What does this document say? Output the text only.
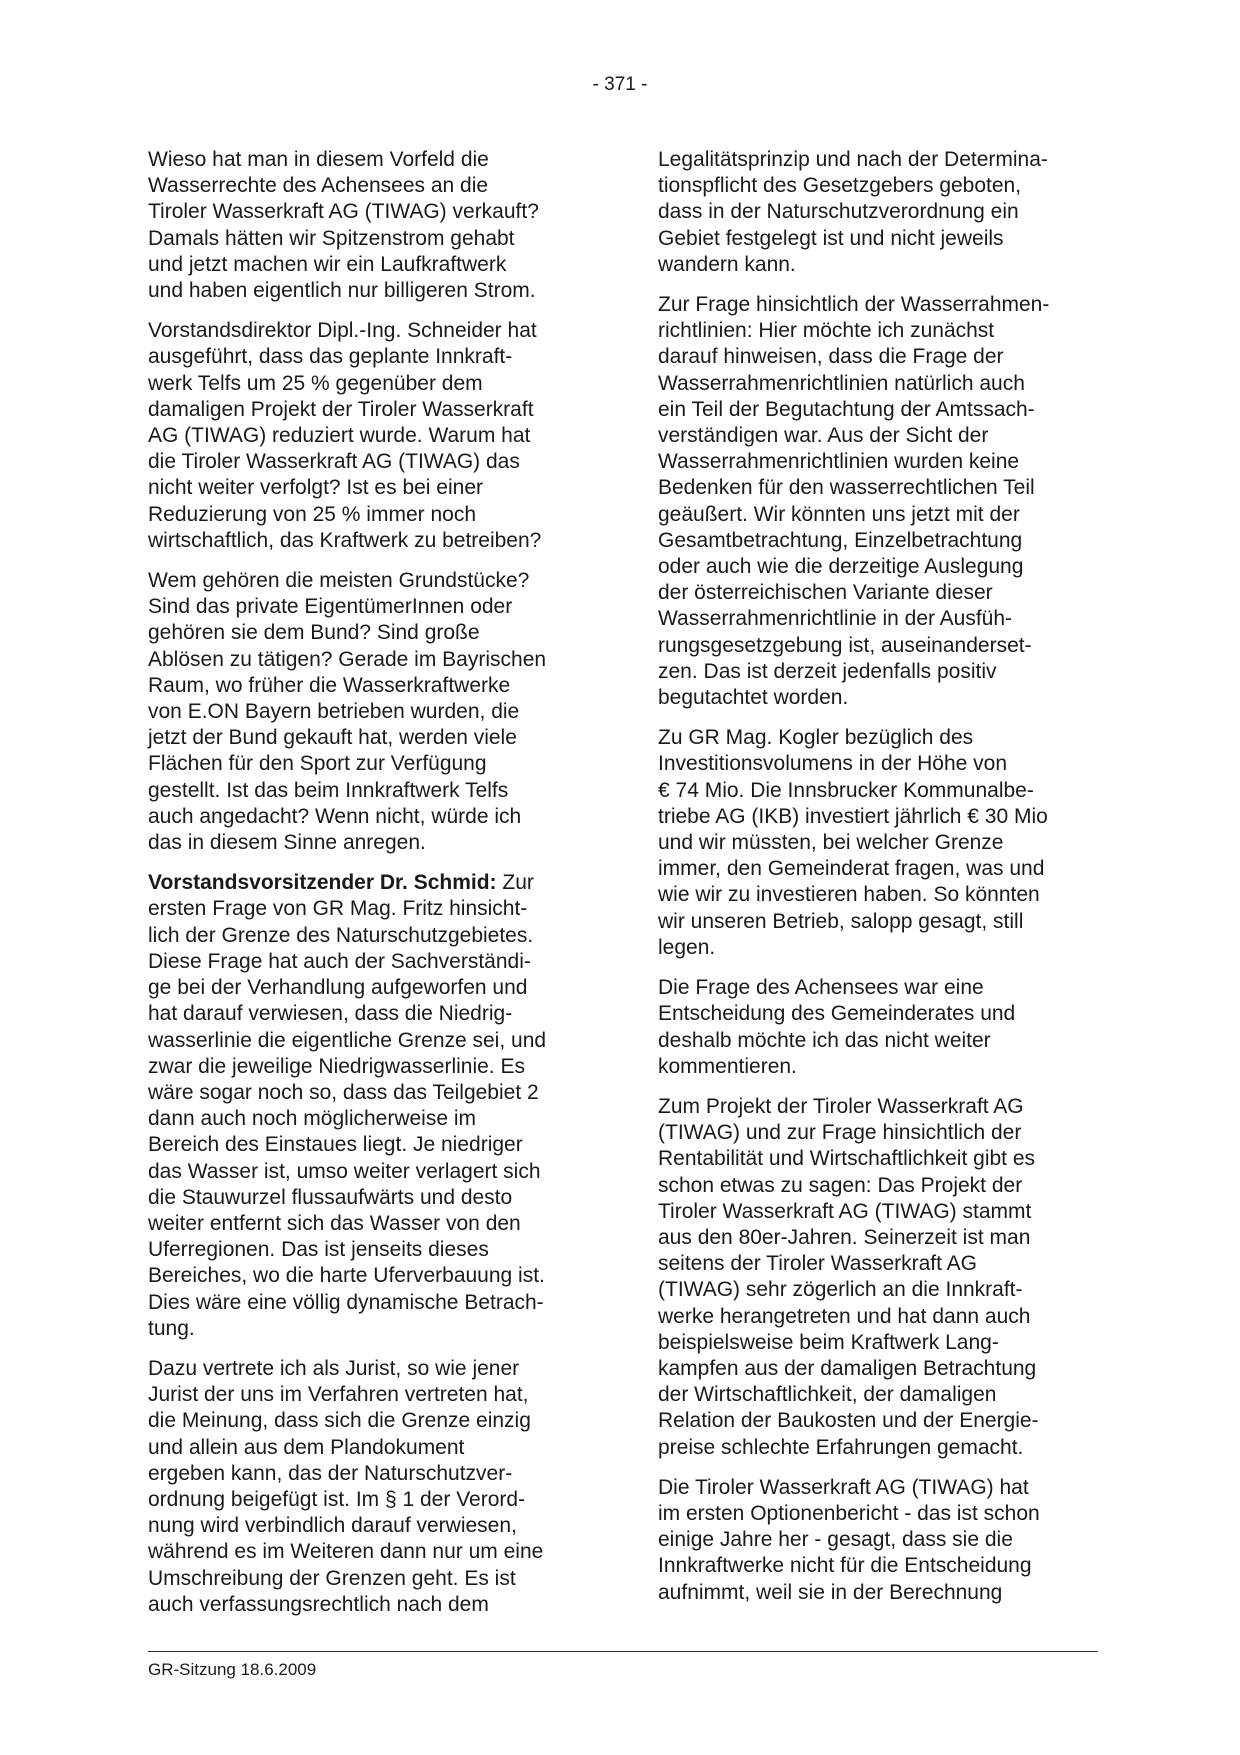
- 371 -

Wieso hat man in diesem Vorfeld die
Wasserrechte des Achensees an die
Tiroler Wasserkraft AG (TIWAG) verkauft?
Damals hätten wir Spitzenstrom gehabt
und jetzt machen wir ein Laufkraftwerk
und haben eigentlich nur billigeren Strom.

Vorstandsdirektor Dipl.-Ing. Schneider hat
ausgeführt, dass das geplante Innkraft-
werk Telfs um 25 % gegenüber dem
damaligen Projekt der Tiroler Wasserkraft
AG (TIWAG) reduziert wurde. Warum hat
die Tiroler Wasserkraft AG (TIWAG) das
nicht weiter verfolgt? Ist es bei einer
Reduzierung von 25 % immer noch
wirtschaftlich, das Kraftwerk zu betreiben?

Wem gehören die meisten Grundstücke?
Sind das private EigentümerInnen oder
gehören sie dem Bund? Sind große
Ablösen zu tätigen? Gerade im Bayrischen
Raum, wo früher die Wasserkraftwerke
von E.ON Bayern betrieben wurden, die
jetzt der Bund gekauft hat, werden viele
Flächen für den Sport zur Verfügung
gestellt. Ist das beim Innkraftwerk Telfs
auch angedacht? Wenn nicht, würde ich
das in diesem Sinne anregen.

Vorstandsvorsitzender Dr. Schmid: Zur
ersten Frage von GR Mag. Fritz hinsicht-
lich der Grenze des Naturschutzgebietes.
Diese Frage hat auch der Sachverständi-
ge bei der Verhandlung aufgeworfen und
hat darauf verwiesen, dass die Niedrig-
wasserlinie die eigentliche Grenze sei, und
zwar die jeweilige Niedrigwasserlinie. Es
wäre sogar noch so, dass das Teilgebiet 2
dann auch noch möglicherweise im
Bereich des Einstaues liegt. Je niedriger
das Wasser ist, umso weiter verlagert sich
die Stauwurzel flussaufwärts und desto
weiter entfernt sich das Wasser von den
Uferregionen. Das ist jenseits dieses
Bereiches, wo die harte Uferverbauung ist.
Dies wäre eine völlig dynamische Betrach-
tung.

Dazu vertrete ich als Jurist, so wie jener
Jurist der uns im Verfahren vertreten hat,
die Meinung, dass sich die Grenze einzig
und allein aus dem Plandokument
ergeben kann, das der Naturschutzver-
ordnung beigefügt ist. Im § 1 der Verord-
nung wird verbindlich darauf verwiesen,
während es im Weiteren dann nur um eine
Umschreibung der Grenzen geht. Es ist
auch verfassungsrechtlich nach dem

Legalitätsprinzip und nach der Determina-
tionspflicht des Gesetzgebers geboten,
dass in der Naturschutzverordnung ein
Gebiet festgelegt ist und nicht jeweils
wandern kann.

Zur Frage hinsichtlich der Wasserrahmen-
richtlinien: Hier möchte ich zunächst
darauf hinweisen, dass die Frage der
Wasserrahmenrichtlinien natürlich auch
ein Teil der Begutachtung der Amtssach-
verständigen war. Aus der Sicht der
Wasserrahmenrichtlinien wurden keine
Bedenken für den wasserrechtlichen Teil
geäußert. Wir könnten uns jetzt mit der
Gesamtbetrachtung, Einzelbetrachtung
oder auch wie die derzeitige Auslegung
der österreichischen Variante dieser
Wasserrahmenrichtlinie in der Ausfüh-
rungsgesetzgebung ist, auseinanderset-
zen. Das ist derzeit jedenfalls positiv
begutachtet worden.

Zu GR Mag. Kogler bezüglich des
Investitionsvolumens in der Höhe von
€ 74 Mio. Die Innsbrucker Kommunalbe-
triebe AG (IKB) investiert jährlich € 30 Mio
und wir müssten, bei welcher Grenze
immer, den Gemeinderat fragen, was und
wie wir zu investieren haben. So könnten
wir unseren Betrieb, salopp gesagt, still
legen.

Die Frage des Achensees war eine
Entscheidung des Gemeinderates und
deshalb möchte ich das nicht weiter
kommentieren.

Zum Projekt der Tiroler Wasserkraft AG
(TIWAG) und zur Frage hinsichtlich der
Rentabilität und Wirtschaftlichkeit gibt es
schon etwas zu sagen: Das Projekt der
Tiroler Wasserkraft AG (TIWAG) stammt
aus den 80er-Jahren. Seinerzeit ist man
seitens der Tiroler Wasserkraft AG
(TIWAG) sehr zögerlich an die Innkraft-
werke herangetreten und hat dann auch
beispielsweise beim Kraftwerk Lang-
kampfen aus der damaligen Betrachtung
der Wirtschaftlichkeit, der damaligen
Relation der Baukosten und der Energie-
preise schlechte Erfahrungen gemacht.

Die Tiroler Wasserkraft AG (TIWAG) hat
im ersten Optionenbericht - das ist schon
einige Jahre her - gesagt, dass sie die
Innkraftwerke nicht für die Entscheidung
aufnimmt, weil sie in der Berechnung

GR-Sitzung 18.6.2009
